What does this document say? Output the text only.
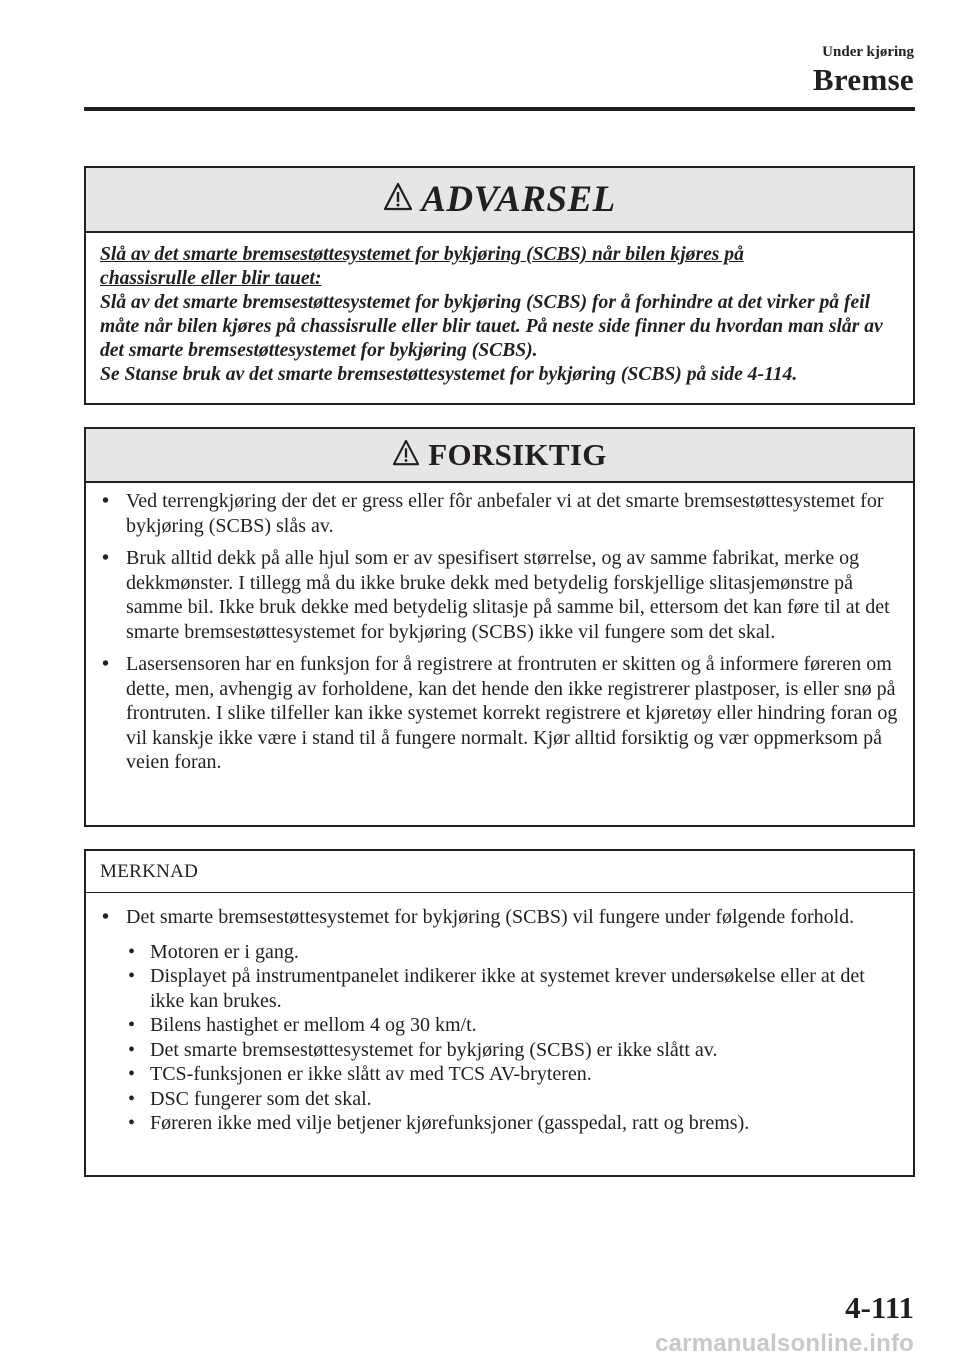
Under kjøring
Bremse
ADVARSEL
Slå av det smarte bremsestøttesystemet for bykjøring (SCBS) når bilen kjøres på
chassisrulle eller blir tauet:
Slå av det smarte bremsestøttesystemet for bykjøring (SCBS) for å forhindre at det virker på feil måte når bilen kjøres på chassisrulle eller blir tauet. På neste side finner du hvordan man slår av det smarte bremsestøttesystemet for bykjøring (SCBS).
Se Stanse bruk av det smarte bremsestøttesystemet for bykjøring (SCBS) på side 4-114.
FORSIKTIG
• Ved terrengkjøring der det er gress eller fôr anbefaler vi at det smarte bremsestøttesystemet for bykjøring (SCBS) slås av.
• Bruk alltid dekk på alle hjul som er av spesifisert størrelse, og av samme fabrikat, merke og dekkmønster. I tillegg må du ikke bruke dekk med betydelig forskjellige slitasjemønstre på samme bil. Ikke bruk dekke med betydelig slitasje på samme bil, ettersom det kan føre til at det smarte bremsestøttesystemet for bykjøring (SCBS) ikke vil fungere som det skal.
• Lasersensoren har en funksjon for å registrere at frontruten er skitten og å informere føreren om dette, men, avhengig av forholdene, kan det hende den ikke registrerer plastposer, is eller snø på frontruten. I slike tilfeller kan ikke systemet korrekt registrere et kjøretøy eller hindring foran og vil kanskje ikke være i stand til å fungere normalt. Kjør alltid forsiktig og vær oppmerksom på veien foran.
MERKNAD
• Det smarte bremsestøttesystemet for bykjøring (SCBS) vil fungere under følgende forhold.
• Motoren er i gang.
• Displayet på instrumentpanelet indikerer ikke at systemet krever undersøkelse eller at det ikke kan brukes.
• Bilens hastighet er mellom 4 og 30 km/t.
• Det smarte bremsestøttesystemet for bykjøring (SCBS) er ikke slått av.
• TCS-funksjonen er ikke slått av med TCS AV-bryteren.
• DSC fungerer som det skal.
• Føreren ikke med vilje betjener kjørefunksjoner (gasspedal, ratt og brems).
4-111
carmanualsonline.info
